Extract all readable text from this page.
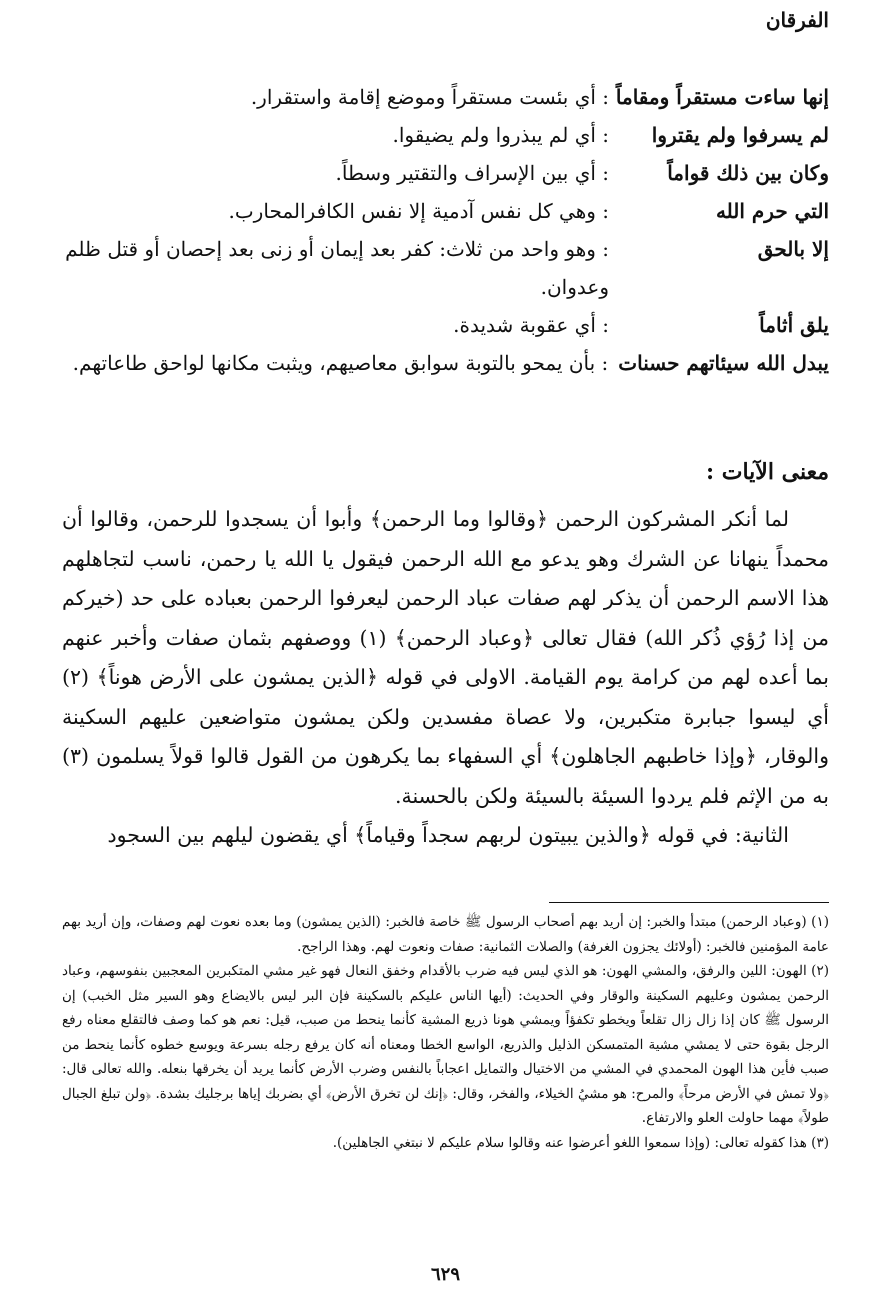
الفرقان
إنها ساءت مستقراً ومقاماً
: أي بئست مستقراً وموضع إقامة واستقرار.
لم يسرفوا ولم يقتروا
: أي لم يبذروا ولم يضيقوا.
وكان بين ذلك قواماً
: أي بين الإسراف والتقتير وسطاً.
التي حرم الله
: وهي كل نفس آدمية إلا نفس الكافرالمحارب.
إلا بالحق
: وهو واحد من ثلاث: كفر بعد إيمان أو زنى بعد إحصان أو قتل ظلم وعدوان.
يلق أثاماً
: أي عقوبة شديدة.
يبدل الله سيئاتهم حسنات
: بأن يمحو بالتوبة سوابق معاصيهم، ويثبت مكانها لواحق طاعاتهم.
معنى الآيات :

لما أنكر المشركون الرحمن ﴿وقالوا وما الرحمن﴾ وأبوا أن يسجدوا للرحمن، وقالوا أن محمداً ينهانا عن الشرك وهو يدعو مع الله الرحمن فيقول يا الله يا رحمن، ناسب لتجاهلهم هذا الاسم الرحمن أن يذكر لهم صفات عباد الرحمن ليعرفوا الرحمن بعباده على حد (خيركم من إذا رُؤي ذُكر الله) فقال تعالى ﴿وعباد الرحمن﴾ (١) ووصفهم بثمان صفات وأخبر عنهم بما أعده لهم من كرامة يوم القيامة. الاولى في قوله ﴿الذين يمشون على الأرض هوناً﴾ (٢) أي ليسوا جبابرة متكبرين، ولا عصاة مفسدين ولكن يمشون متواضعين عليهم السكينة والوقار، ﴿وإذا خاطبهم الجاهلون﴾ أي السفهاء بما يكرهون من القول قالوا قولاً يسلمون (٣) به من الإثم فلم يردوا السيئة بالسيئة ولكن بالحسنة.

الثانية: في قوله ﴿والذين يبيتون لربهم سجداً وقياماً﴾ أي يقضون ليلهم بين السجود

(١) (وعباد الرحمن) مبتدأ والخبر: إن أريد بهم أصحاب الرسول ﷺ خاصة فالخبر: (الذين يمشون) وما بعده نعوت لهم وصفات، وإن أريد بهم عامة المؤمنين فالخبر: (أولائك يجزون الغرفة) والصلات الثمانية: صفات ونعوت لهم. وهذا الراجح.

(٢) الهون: اللين والرفق، والمشي الهون: هو الذي ليس فيه ضرب بالأقدام وخفق النعال فهو غير مشي المتكبرين المعجبين بنفوسهم، وعباد الرحمن يمشون وعليهم السكينة والوقار وفي الحديث: (أيها الناس عليكم بالسكينة فإن البر ليس بالايضاع وهو السير مثل الخبب) إن الرسول ﷺ كان إذا زال زال تقلعاً ويخطو تكفؤاً ويمشي هونا ذريع المشية كأنما ينحط من صبب، قيل: نعم هو كما وصف فالتقلع معناه رفع الرجل بقوة حتى لا يمشي مشية المتمسكن الذليل والذريع، الواسع الخطا ومعناه أنه كان يرفع رجله بسرعة ويوسع خطوه كأنما ينحط من صبب فأين هذا الهون المحمدي في المشي من الاختيال والتمايل اعجاباً بالنفس وضرب الأرض كأنما يريد أن يخرقها بنعله. والله تعالى قال: ﴿ولا تمش في الأرض مرحاً﴾ والمرح: هو مشيُ الخيلاء، والفخر، وقال: ﴿إنك لن تخرق الأرض﴾ أي بضربك إياها برجليك بشدة. ﴿ولن تبلغ الجبال طولاً﴾ مهما حاولت العلو والارتفاع.

(٣) هذا كقوله تعالى: (وإذا سمعوا اللغو أعرضوا عنه وقالوا سلام عليكم لا نبتغي الجاهلين).

٦٢٩
